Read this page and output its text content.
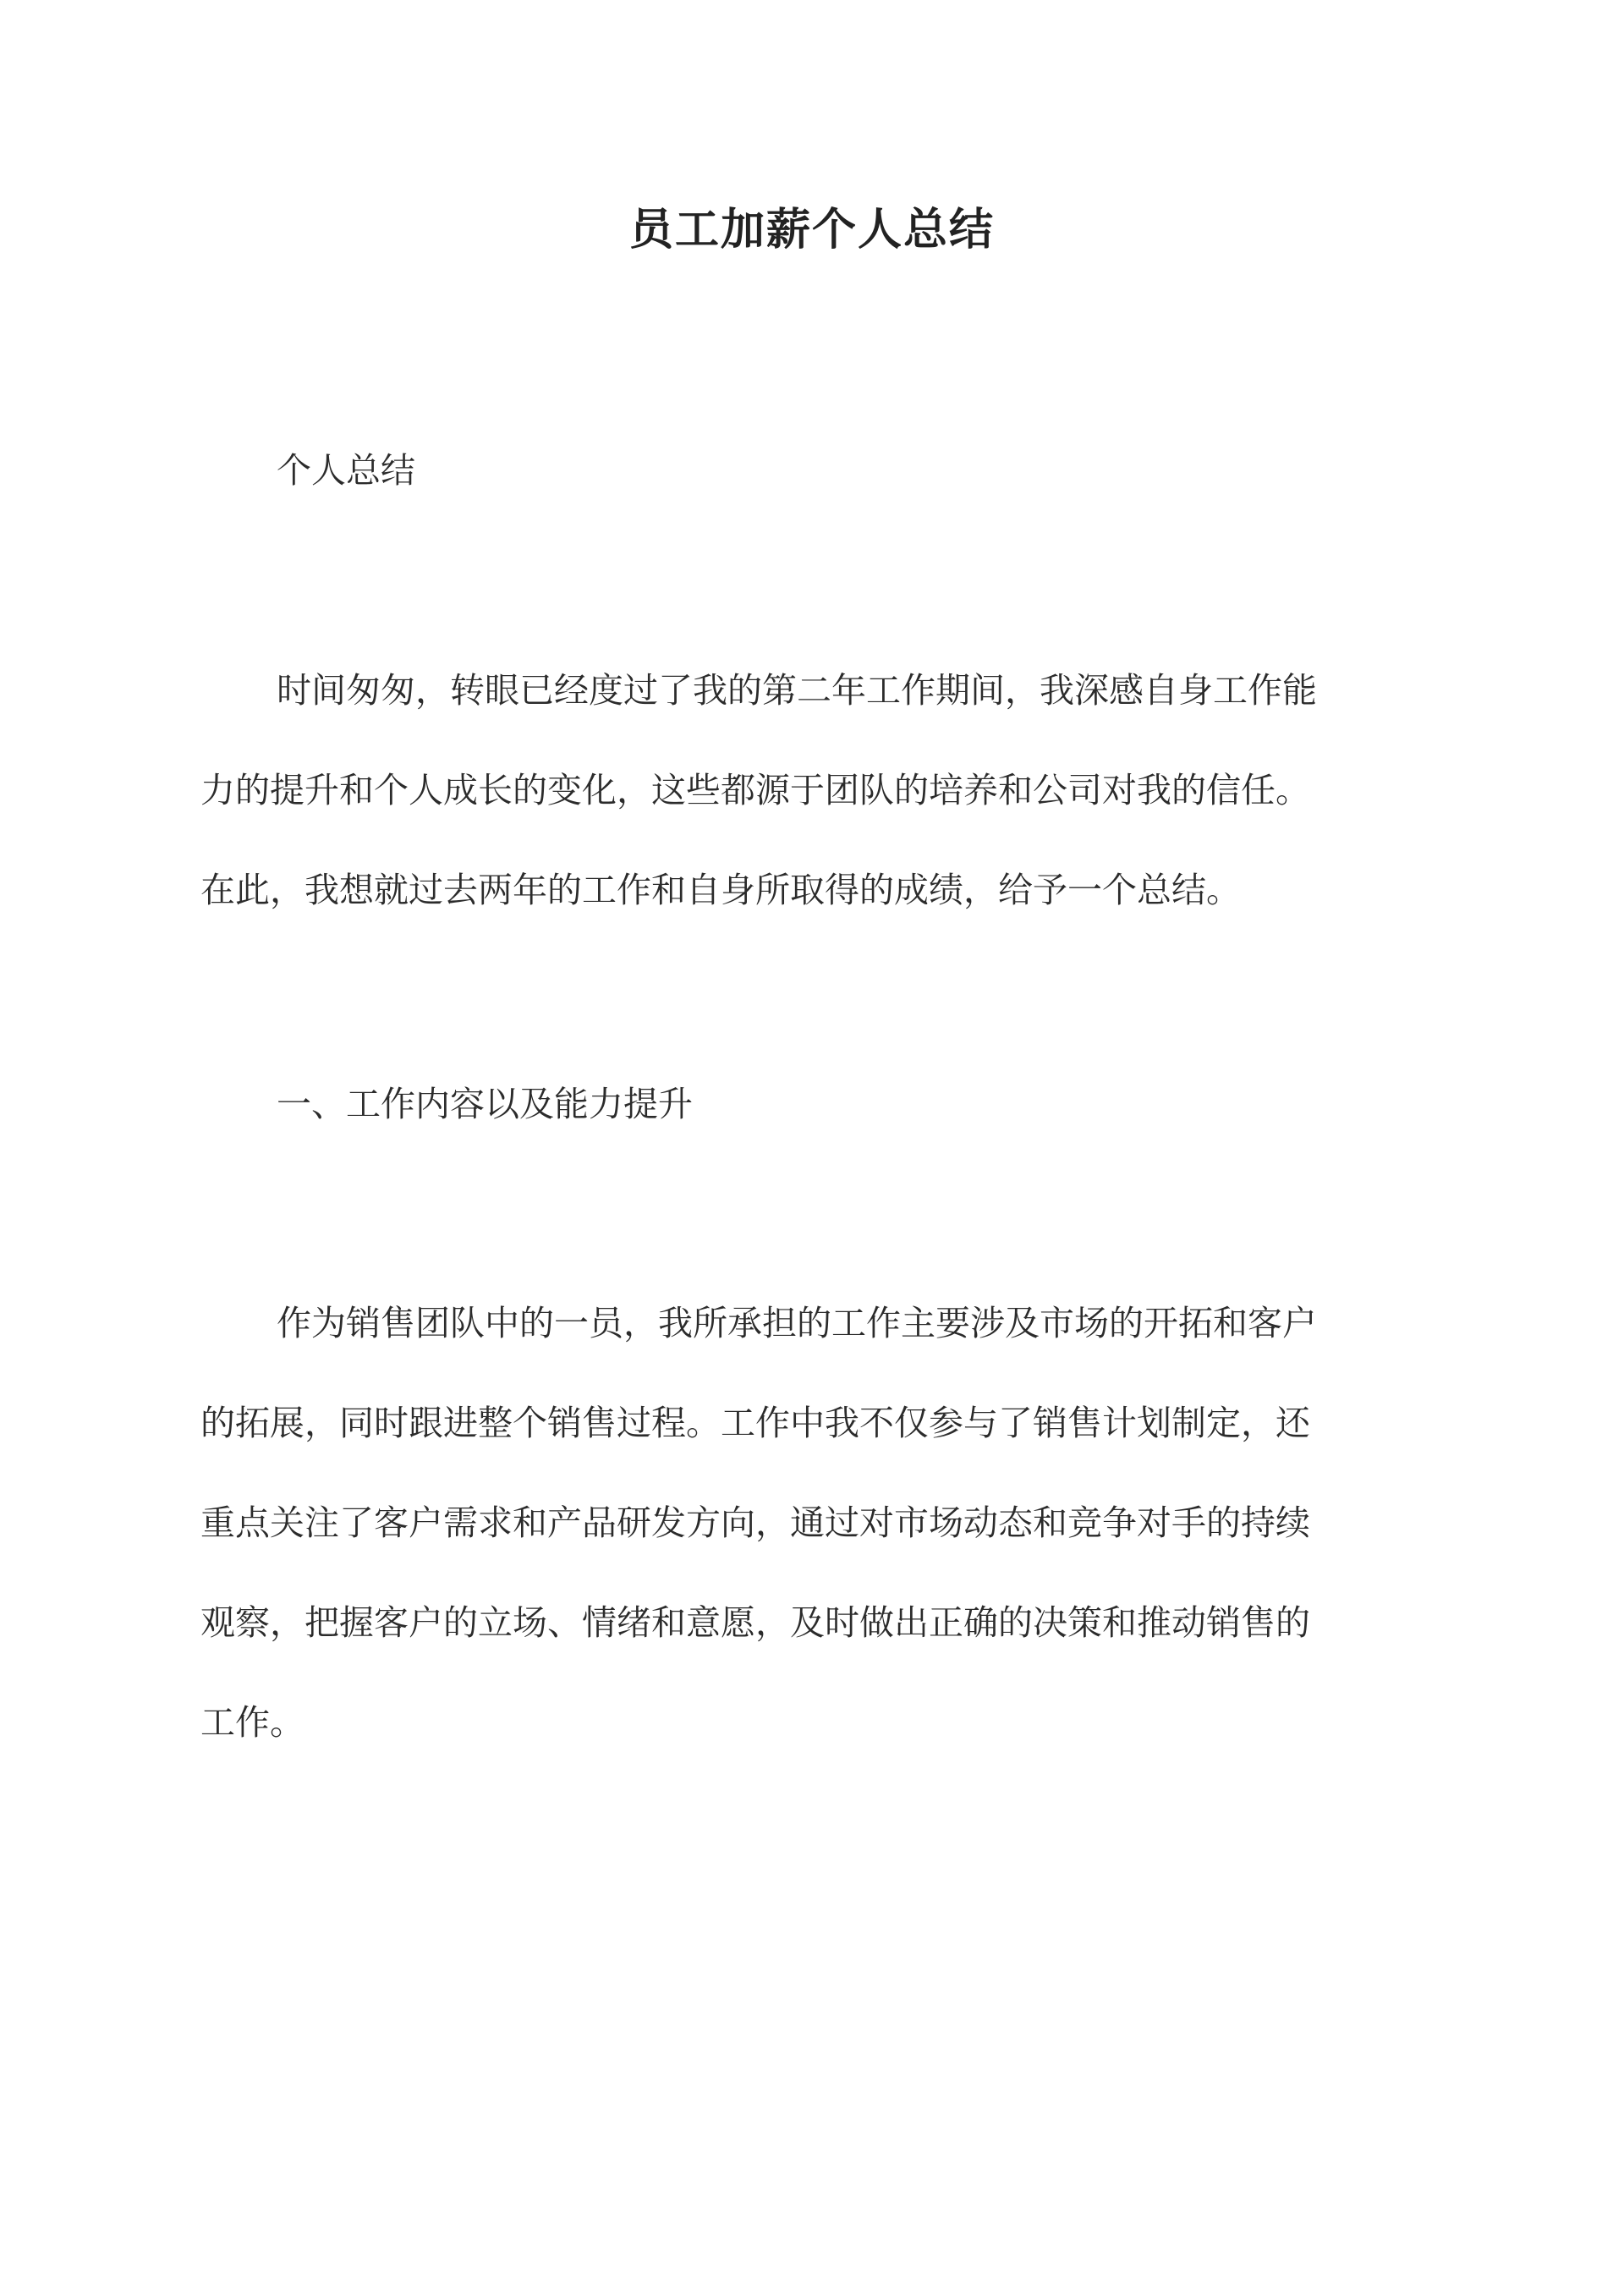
员工加薪个人总结
个人总结
时间匆匆，转眼已经度过了我的第二年工作期间，我深感自身工作能
力的提升和个人成长的变化，这些都源于团队的培养和公司对我的信任。
在此，我想就过去两年的工作和自身所取得的成绩，给予一个总结。
一、工作内容以及能力提升
作为销售团队中的一员，我所承担的工作主要涉及市场的开拓和客户
的拓展，同时跟进整个销售过程。工作中我不仅参与了销售计划制定，还
重点关注了客户需求和产品研发方向，通过对市场动态和竞争对手的持续
观察，把握客户的立场、情绪和意愿，及时做出正确的决策和推动销售的
工作。
